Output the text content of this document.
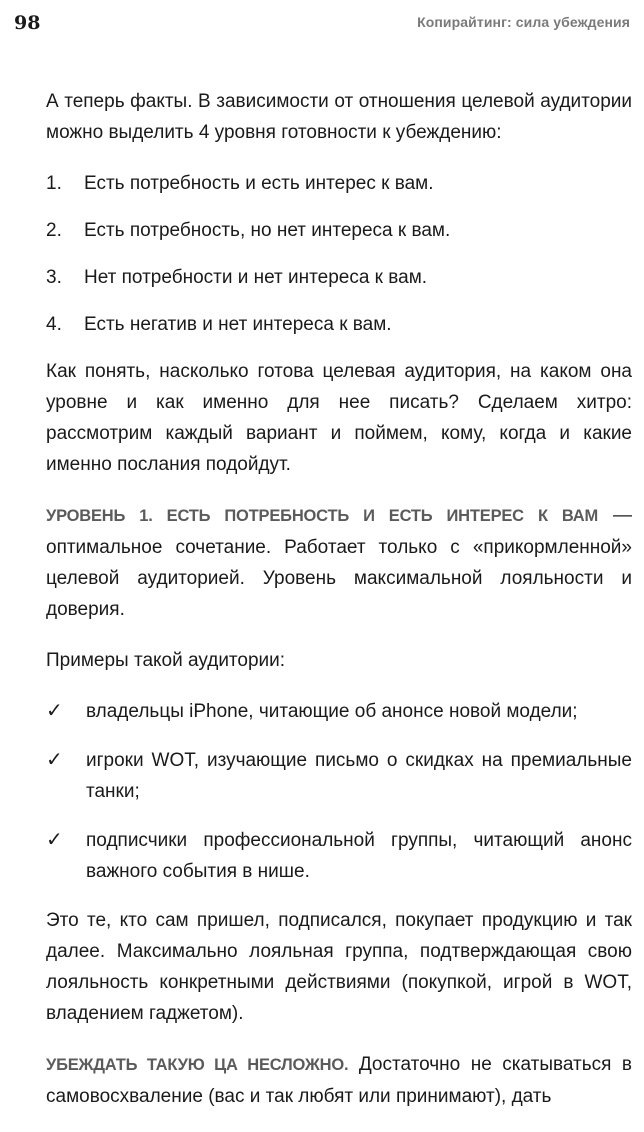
98	Копирайтинг: сила убеждения

А теперь факты. В зависимости от отношения целевой аудитории можно выделить 4 уровня готовности к убеждению:

1. Есть потребность и есть интерес к вам.
2. Есть потребность, но нет интереса к вам.
3. Нет потребности и нет интереса к вам.
4. Есть негатив и нет интереса к вам.

Как понять, насколько готова целевая аудитория, на каком она уровне и как именно для нее писать? Сделаем хитро: рассмотрим каждый вариант и поймем, кому, когда и какие именно послания подойдут.

УРОВЕНЬ 1. ЕСТЬ ПОТРЕБНОСТЬ И ЕСТЬ ИНТЕРЕС К ВАМ — оптимальное сочетание. Работает только с «прикормленной» целевой аудиторией. Уровень максимальной лояльности и доверия.

Примеры такой аудитории:

✓ владельцы iPhone, читающие об анонсе новой модели;
✓ игроки WOT, изучающие письмо о скидках на премиальные танки;
✓ подписчики профессиональной группы, читающий анонс важного события в нише.

Это те, кто сам пришел, подписался, покупает продукцию и так далее. Максимально лояльная группа, подтверждающая свою лояльность конкретными действиями (покупкой, игрой в WOT, владением гаджетом).

УБЕЖДАТЬ ТАКУЮ ЦА НЕСЛОЖНО. Достаточно не скатываться в самовосхваление (вас и так любят или принимают), дать
